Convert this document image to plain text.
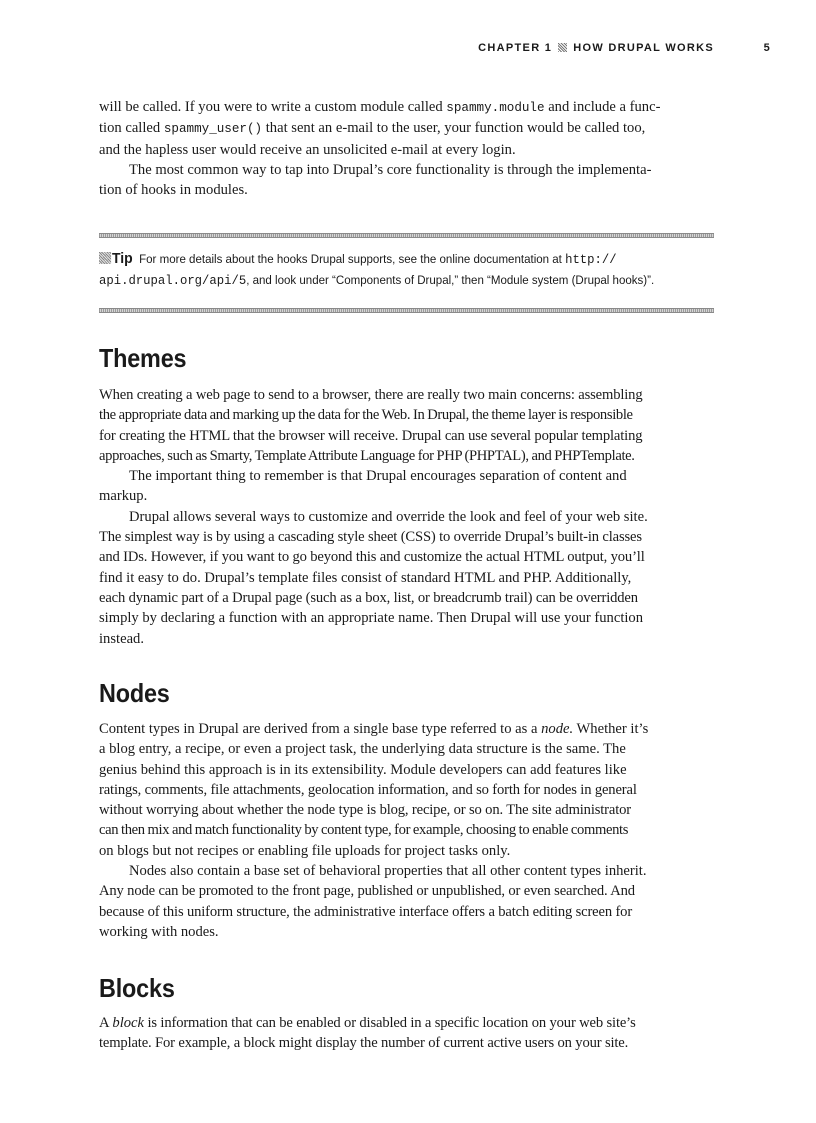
CHAPTER 1 HOW DRUPAL WORKS	5

will be called. If you were to write a custom module called spammy.module and include a func-
tion called spammy_user() that sent an e-mail to the user, your function would be called too,
and the hapless user would receive an unsolicited e-mail at every login.

The most common way to tap into Drupal’s core functionality is through the implementa-
tion of hooks in modules.

Tip For more details about the hooks Drupal supports, see the online documentation at http://
api.drupal.org/api/5, and look under “Components of Drupal,” then “Module system (Drupal hooks)”.
Themes

When creating a web page to send to a browser, there are really two main concerns: assembling
the appropriate data and marking up the data for the Web. In Drupal, the theme layer is responsible
for creating the HTML that the browser will receive. Drupal can use several popular templating
approaches, such as Smarty, Template Attribute Language for PHP (PHPTAL), and PHPTemplate.

The important thing to remember is that Drupal encourages separation of content and
markup.

Drupal allows several ways to customize and override the look and feel of your web site.
The simplest way is by using a cascading style sheet (CSS) to override Drupal’s built-in classes
and IDs. However, if you want to go beyond this and customize the actual HTML output, you’ll
find it easy to do. Drupal’s template files consist of standard HTML and PHP. Additionally,
each dynamic part of a Drupal page (such as a box, list, or breadcrumb trail) can be overridden
simply by declaring a function with an appropriate name. Then Drupal will use your function
instead.

Nodes

Content types in Drupal are derived from a single base type referred to as a node. Whether it’s
a blog entry, a recipe, or even a project task, the underlying data structure is the same. The
genius behind this approach is in its extensibility. Module developers can add features like
ratings, comments, file attachments, geolocation information, and so forth for nodes in general
without worrying about whether the node type is blog, recipe, or so on. The site administrator
can then mix and match functionality by content type, for example, choosing to enable comments
on blogs but not recipes or enabling file uploads for project tasks only.

Nodes also contain a base set of behavioral properties that all other content types inherit.
Any node can be promoted to the front page, published or unpublished, or even searched. And
because of this uniform structure, the administrative interface offers a batch editing screen for
working with nodes.

Blocks

A block is information that can be enabled or disabled in a specific location on your web site’s
template. For example, a block might display the number of current active users on your site.
